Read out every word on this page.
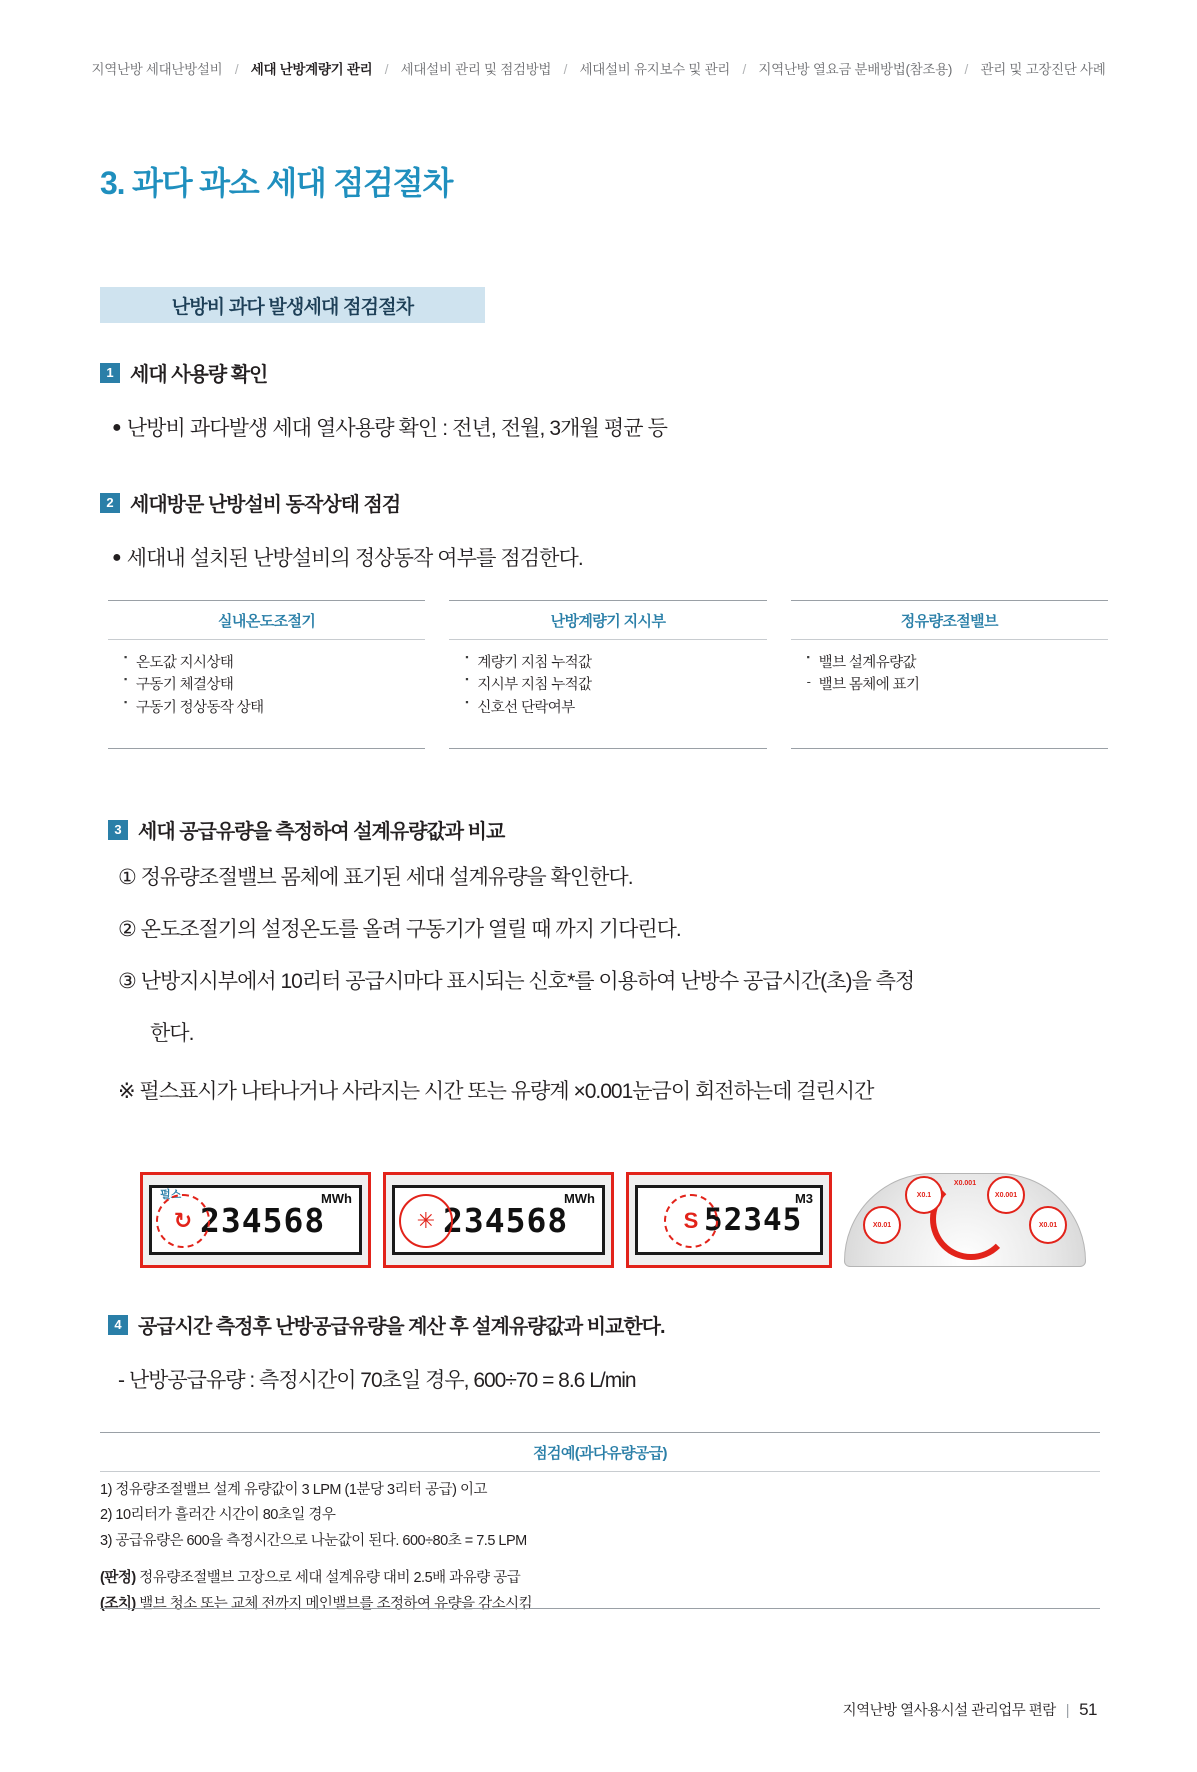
지역난방 세대난방설비 / 세대 난방계량기 관리 / 세대설비 관리 및 점검방법 / 세대설비 유지보수 및 관리 / 지역난방 열요금 분배방법(참조용) / 관리 및 고장진단 사례
3. 과다 과소 세대 점검절차
난방비 과다 발생세대 점검절차
1 세대 사용량 확인
● 난방비 과다발생 세대 열사용량 확인 : 전년, 전월, 3개월 평균 등
2 세대방문 난방설비 동작상태 점검
● 세대내 설치된 난방설비의 정상동작 여부를 점검한다.
실내온도조절기
▪ 온도값 지시상태
▪ 구동기 체결상태
▪ 구동기 정상동작 상태
난방계량기 지시부
▪ 계량기 지침 누적값
▪ 지시부 지침 누적값
▪ 신호선 단락여부
정유량조절밸브
▪ 밸브 설계유량값
- 밸브 몸체에 표기
3 세대 공급유량을 측정하여 설계유량값과 비교
① 정유량조절밸브 몸체에 표기된 세대 설계유량을 확인한다.
② 온도조절기의 설정온도를 올려 구동기가 열릴 때 까지 기다린다.
③ 난방지시부에서 10리터 공급시마다 표시되는 신호*를 이용하여 난방수 공급시간(초)을 측정
한다.
※ 펄스표시가 나타나거나 사라지는 시간 또는 유량계 ×0.001눈금이 회전하는데 걸린시간
펄스
↻ 234568
MWh
✳ 234568
MWh
S 52345
M3
X0.001
X0.01
X0.1	X0.001
X0.01
4 공급시간 측정후 난방공급유량을 계산 후 설계유량값과 비교한다.
- 난방공급유량 : 측정시간이 70초일 경우, 600÷70 = 8.6 L/min
점검예(과다유량공급)
1) 정유량조절밸브 설계 유량값이 3 LPM (1분당 3리터 공급) 이고
2) 10리터가 흘러간 시간이 80초일 경우
3) 공급유량은 600을 측정시간으로 나눈값이 된다. 600÷80초 = 7.5 LPM
(판정) 정유량조절밸브 고장으로 세대 설계유량 대비 2.5배 과유량 공급
(조치) 밸브 청소 또는 교체 전까지 메인밸브를 조정하여 유량을 감소시킴
지역난방 열사용시설 관리업무 편람 | 51
